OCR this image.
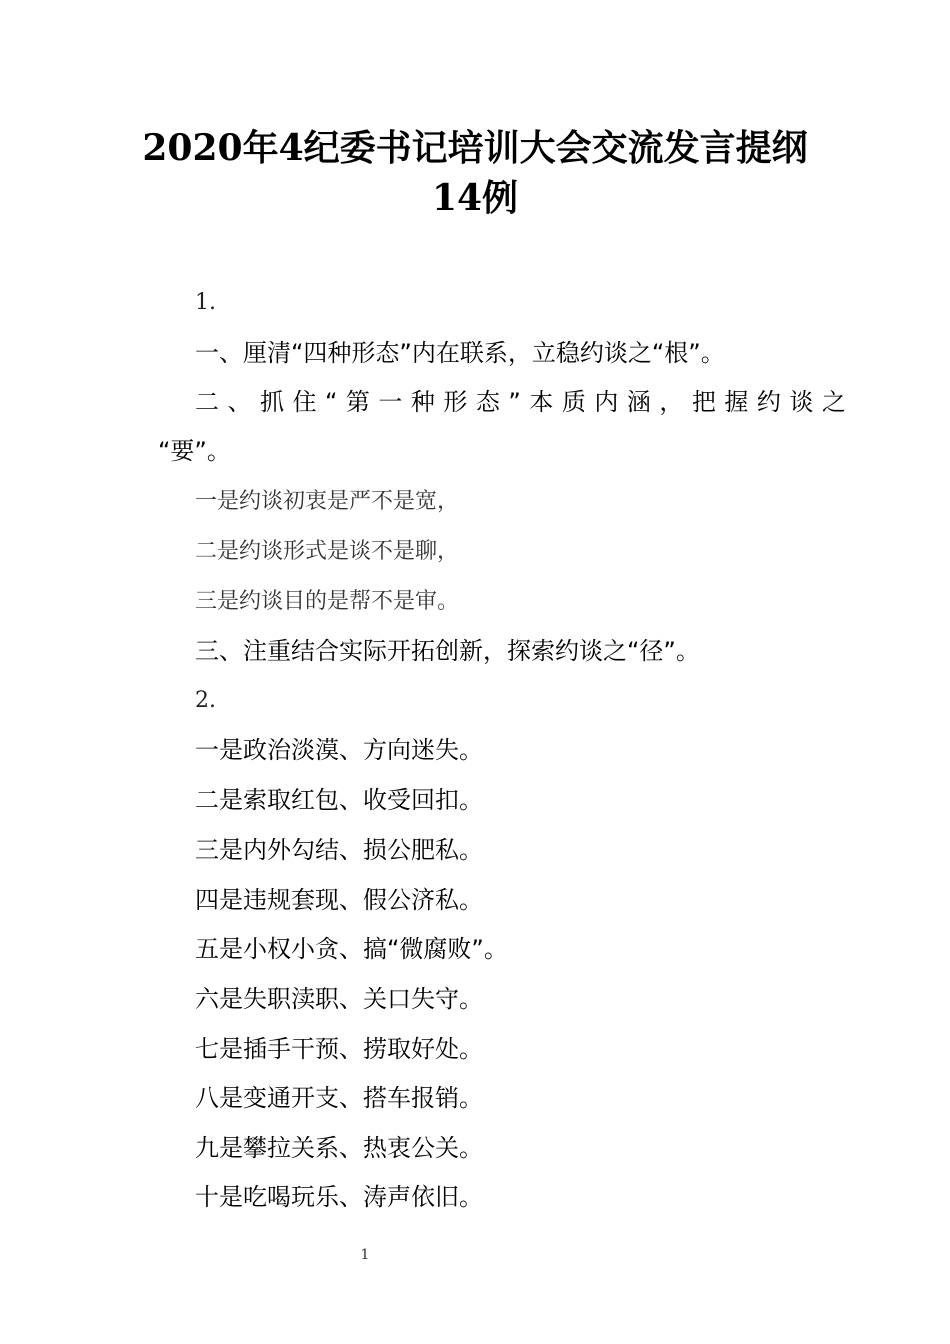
2020年4纪委书记培训大会交流发言提纲
14例

1.

一、厘清“四种形态”内在联系，立稳约谈之“根”。

二、抓住“第一种形态”本质内涵，把握约谈之

“要”。

一是约谈初衷是严不是宽，

二是约谈形式是谈不是聊，

三是约谈目的是帮不是审。

三、注重结合实际开拓创新，探索约谈之“径”。

2.

一是政治淡漠、方向迷失。

二是索取红包、收受回扣。

三是内外勾结、损公肥私。

四是违规套现、假公济私。

五是小权小贪、搞“微腐败”。

六是失职渎职、关口失守。

七是插手干预、捞取好处。

八是变通开支、搭车报销。

九是攀拉关系、热衷公关。

十是吃喝玩乐、涛声依旧。

1
